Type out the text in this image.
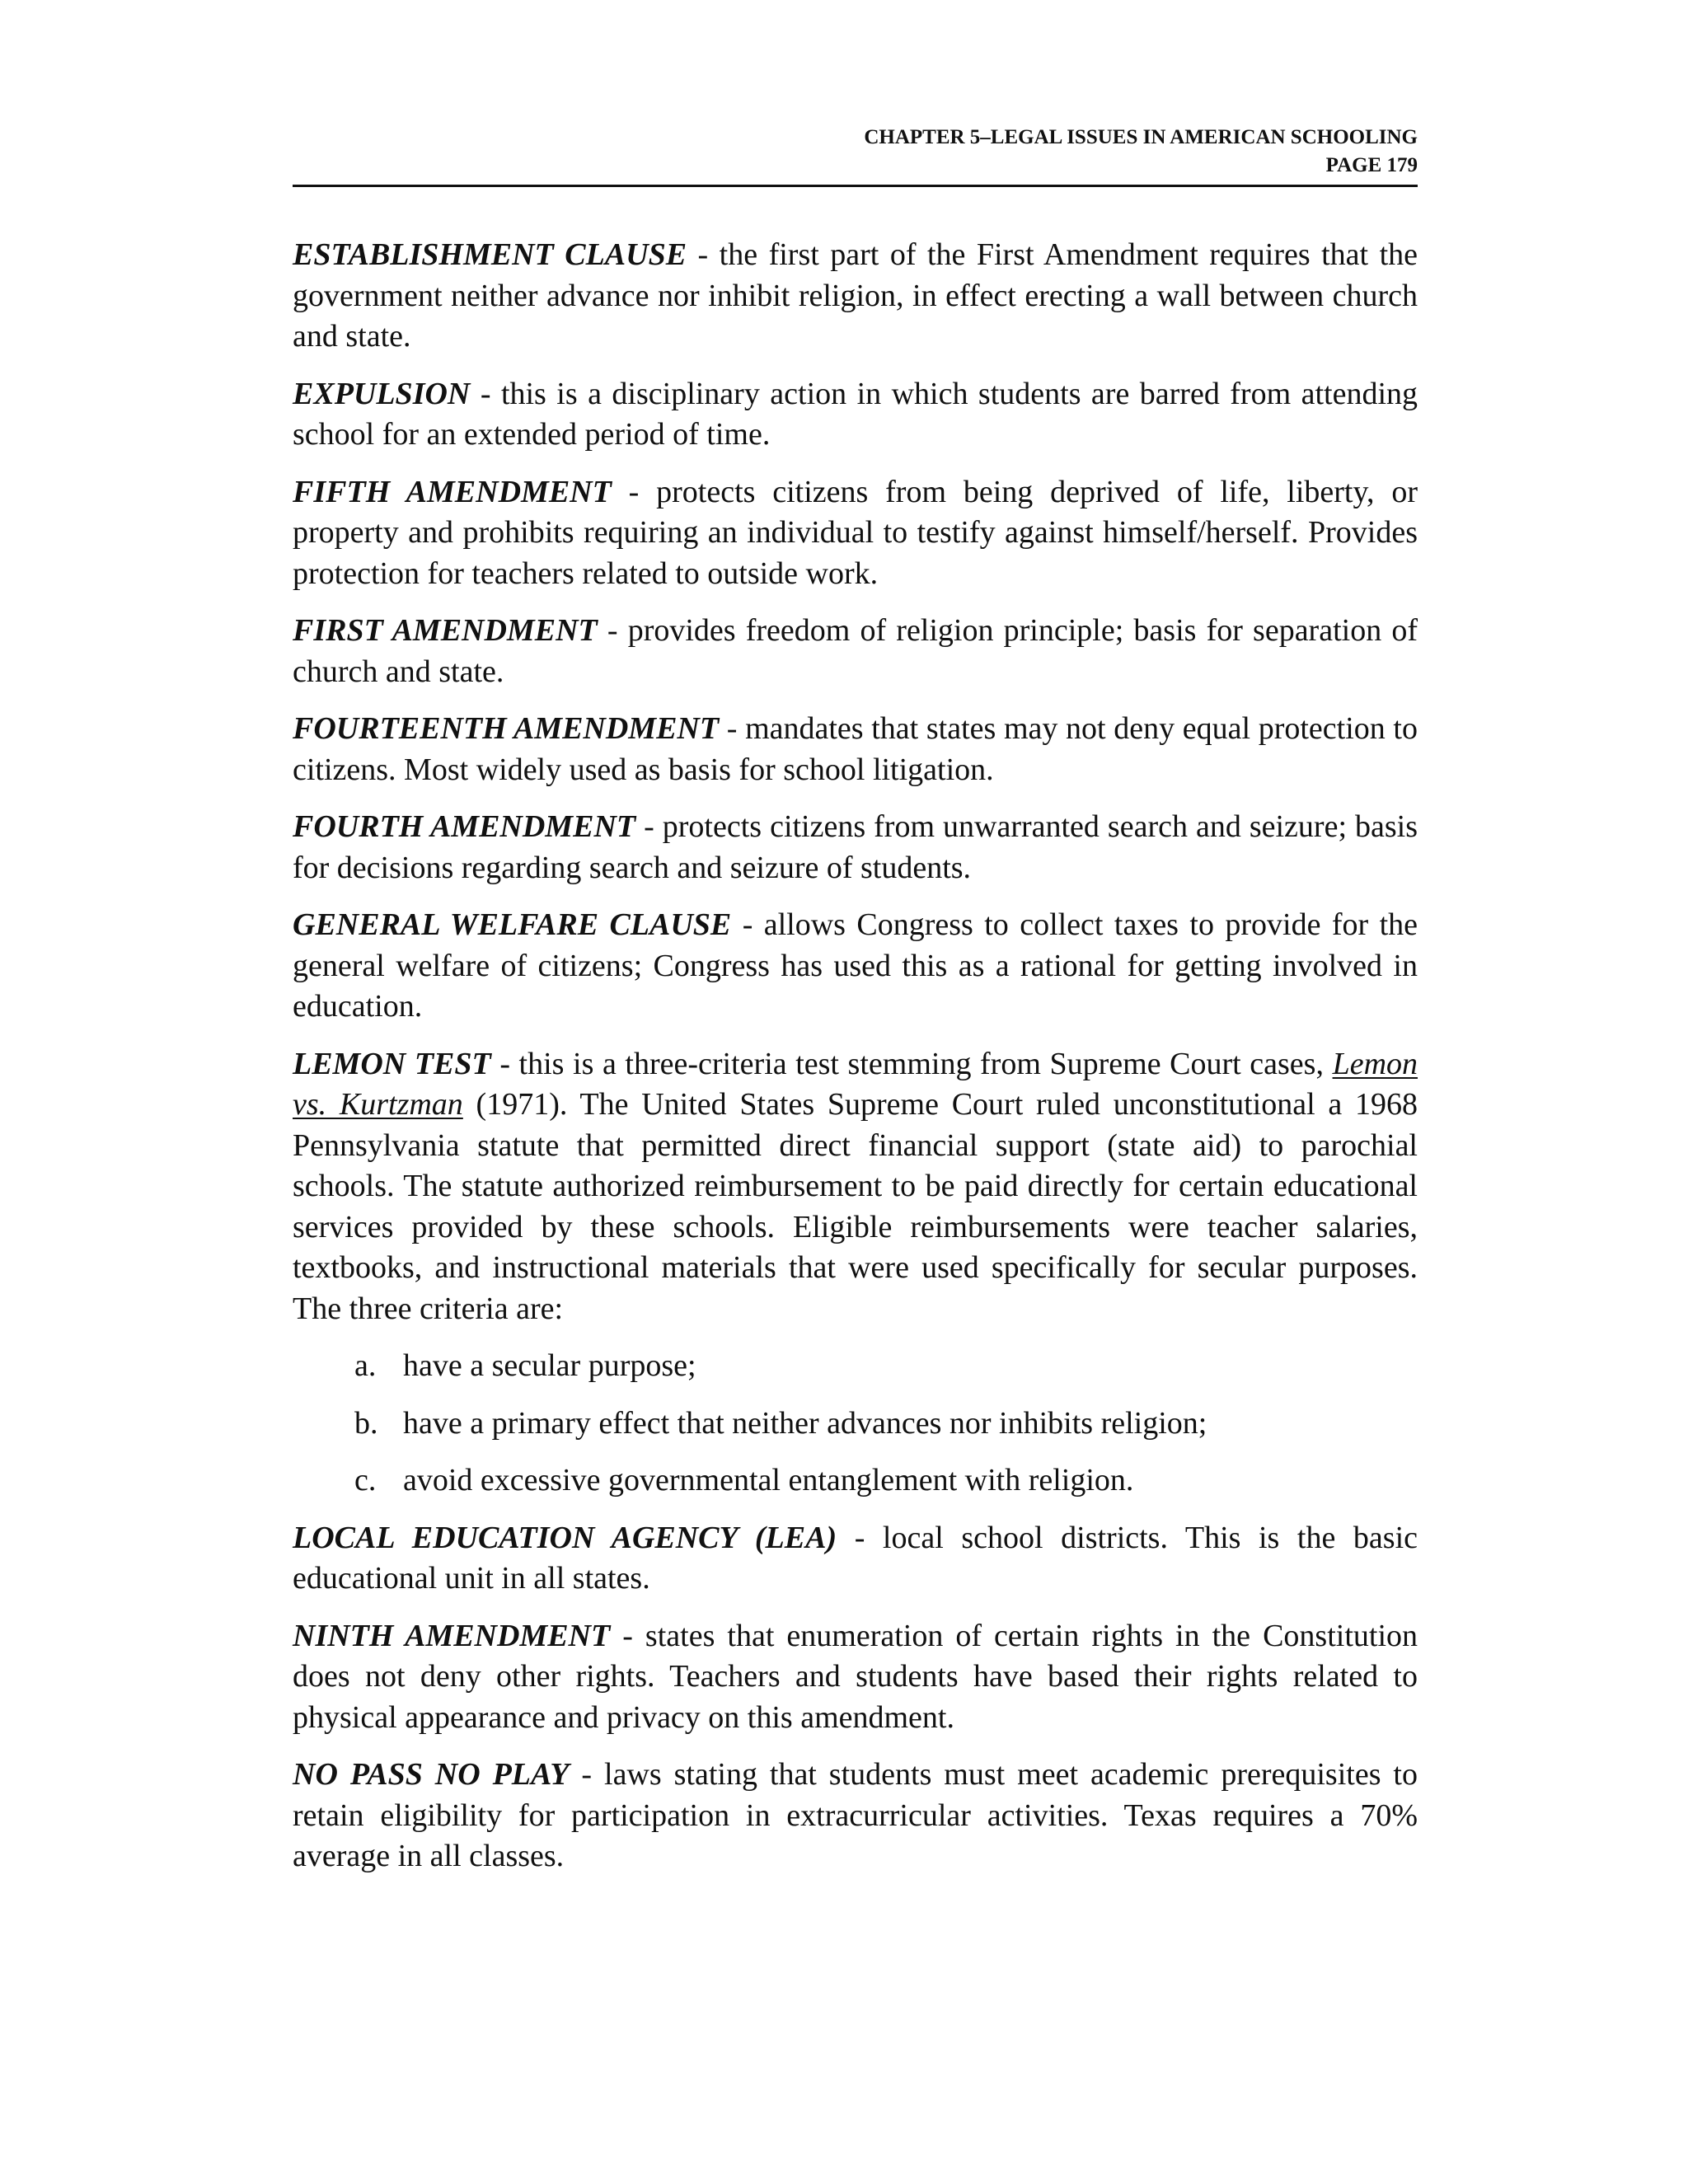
CHAPTER 5–LEGAL ISSUES IN AMERICAN SCHOOLING
PAGE 179

ESTABLISHMENT CLAUSE - the first part of the First Amendment requires that the government neither advance nor inhibit religion, in effect erecting a wall between church and state.

EXPULSION - this is a disciplinary action in which students are barred from attending school for an extended period of time.

FIFTH AMENDMENT - protects citizens from being deprived of life, liberty, or property and prohibits requiring an individual to testify against himself/herself. Provides protection for teachers related to outside work.

FIRST AMENDMENT - provides freedom of religion principle; basis for separation of church and state.

FOURTEENTH AMENDMENT - mandates that states may not deny equal protection to citizens. Most widely used as basis for school litigation.

FOURTH AMENDMENT - protects citizens from unwarranted search and seizure; basis for decisions regarding search and seizure of students.

GENERAL WELFARE CLAUSE - allows Congress to collect taxes to provide for the general welfare of citizens; Congress has used this as a rational for getting involved in education.

LEMON TEST - this is a three-criteria test stemming from Supreme Court cases, Lemon vs. Kurtzman (1971). The United States Supreme Court ruled unconstitutional a 1968 Pennsylvania statute that permitted direct financial support (state aid) to parochial schools. The statute authorized reimbursement to be paid directly for certain educational services provided by these schools. Eligible reimbursements were teacher salaries, textbooks, and instructional materials that were used specifically for secular purposes. The three criteria are:

a. have a secular purpose;
b. have a primary effect that neither advances nor inhibits religion;
c. avoid excessive governmental entanglement with religion.

LOCAL EDUCATION AGENCY (LEA) - local school districts. This is the basic educational unit in all states.

NINTH AMENDMENT - states that enumeration of certain rights in the Constitution does not deny other rights. Teachers and students have based their rights related to physical appearance and privacy on this amendment.

NO PASS NO PLAY - laws stating that students must meet academic prerequisites to retain eligibility for participation in extracurricular activities. Texas requires a 70% average in all classes.
